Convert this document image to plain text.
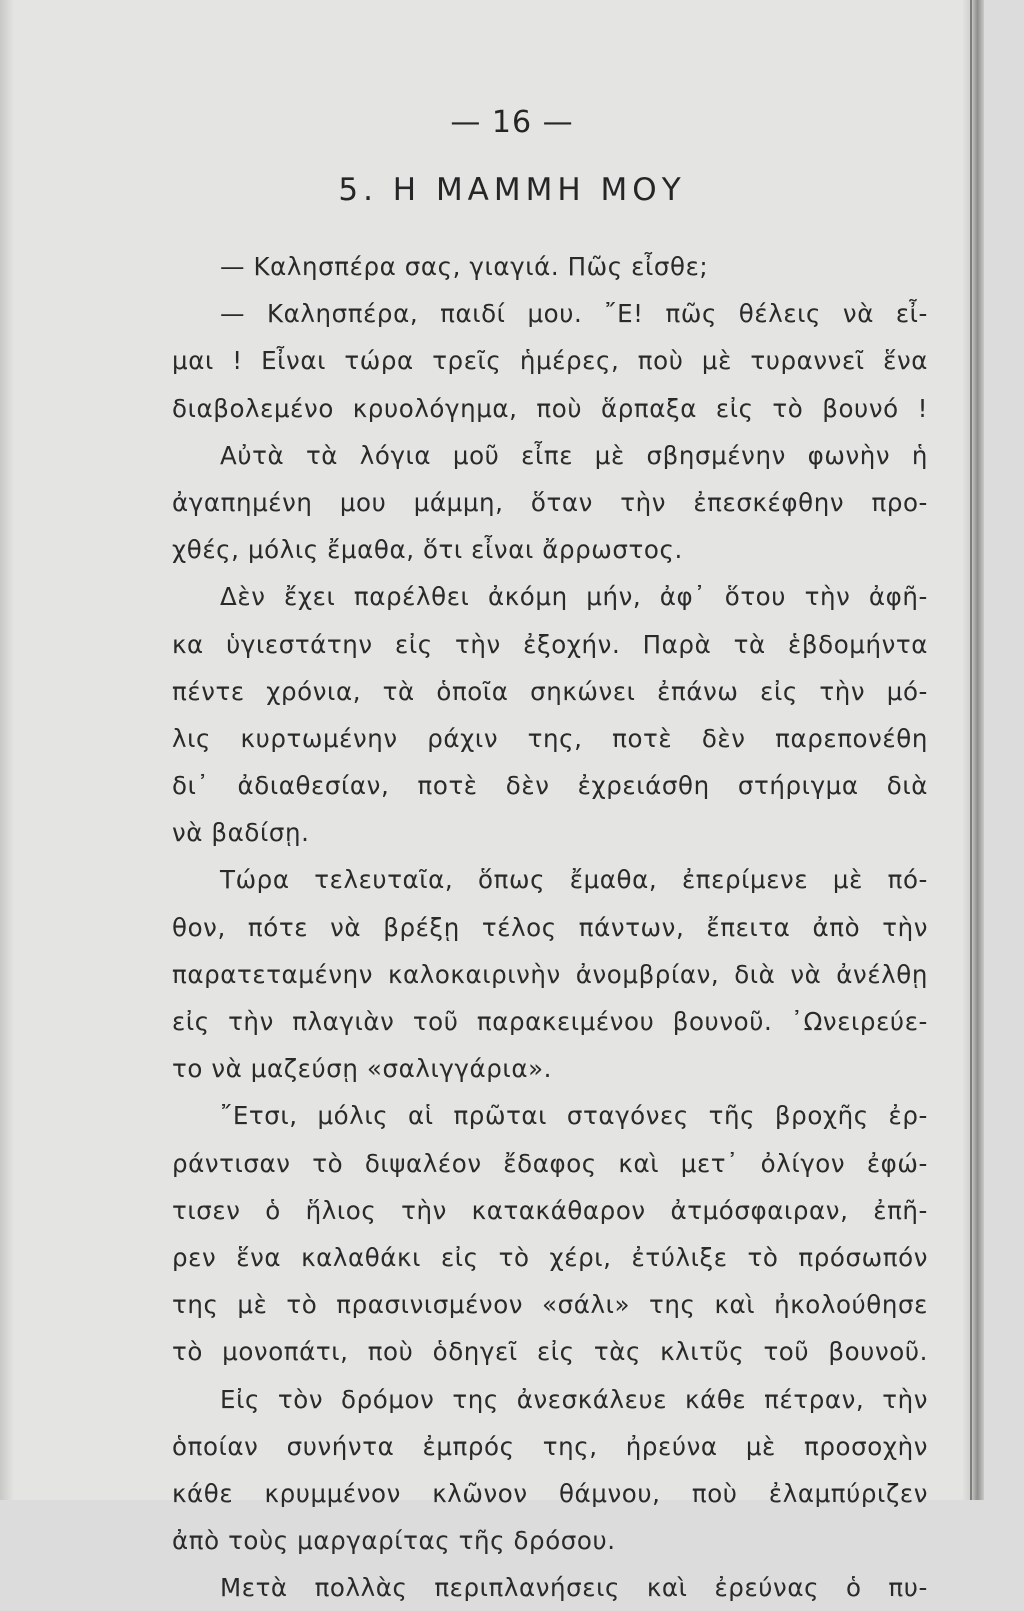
— 16 —
5. Η ΜΑΜΜΗ ΜΟΥ
— Καλησπέρα σας, γιαγιά. Πῶς εἶσθε;
— Καλησπέρα, παιδί μου. ῎Ε! πῶς θέλεις νὰ εἶ-
μαι ! Εἶναι τώρα τρεῖς ἡμέρες, ποὺ μὲ τυραννεῖ ἕνα
διαβολεμένο κρυολόγημα, ποὺ ἅρπαξα εἰς τὸ βουνό !
Αὐτὰ τὰ λόγια μοῦ εἶπε μὲ σβησμένην φωνὴν ἡ
ἀγαπημένη μου μάμμη, ὅταν τὴν ἐπεσκέφθην προ-
χθές, μόλις ἔμαθα, ὅτι εἶναι ἄρρωστος.
Δὲν ἔχει παρέλθει ἀκόμη μήν, ἀφ᾽ ὅτου τὴν ἀφῆ-
κα ὑγιεστάτην εἰς τὴν ἐξοχήν. Παρὰ τὰ ἑβδομήντα
πέντε χρόνια, τὰ ὁποῖα σηκώνει ἐπάνω εἰς τὴν μό-
λις κυρτωμένην ράχιν της, ποτὲ δὲν παρεπονέθη
δι᾽ ἀδιαθεσίαν, ποτὲ δὲν ἐχρειάσθη στήριγμα διὰ
νὰ βαδίσῃ.
Τώρα τελευταῖα, ὅπως ἔμαθα, ἐπερίμενε μὲ πό-
θον, πότε νὰ βρέξῃ τέλος πάντων, ἔπειτα ἀπὸ τὴν
παρατεταμένην καλοκαιρινὴν ἀνομβρίαν, διὰ νὰ ἀνέλθῃ
εἰς τὴν πλαγιὰν τοῦ παρακειμένου βουνοῦ. ᾿Ωνειρεύε-
το νὰ μαζεύσῃ «σαλιγγάρια».
῎Ετσι, μόλις αἱ πρῶται σταγόνες τῆς βροχῆς ἐρ-
ράντισαν τὸ διψαλέον ἔδαφος καὶ μετ᾽ ὀλίγον ἐφώ-
τισεν ὁ ἥλιος τὴν κατακάθαρον ἀτμόσφαιραν, ἐπῆ-
ρεν ἕνα καλαθάκι εἰς τὸ χέρι, ἐτύλιξε τὸ πρόσωπόν
της μὲ τὸ πρασινισμένον «σάλι» της καὶ ἠκολούθησε
τὸ μονοπάτι, ποὺ ὁδηγεῖ εἰς τὰς κλιτῦς τοῦ βουνοῦ.
Εἰς τὸν δρόμον της ἀνεσκάλευε κάθε πέτραν, τὴν
ὁποίαν συνήντα ἐμπρός της, ἠρεύνα μὲ προσοχὴν
κάθε κρυμμένον κλῶνον θάμνου, ποὺ ἐλαμπύριζεν
ἀπὸ τοὺς μαργαρίτας τῆς δρόσου.
Μετὰ πολλὰς περιπλανήσεις καὶ ἐρεύνας ὁ πυ-
